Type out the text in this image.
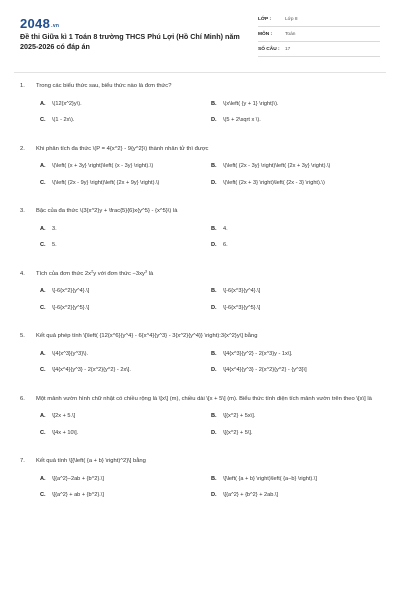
2048.vn
Đề thi Giữa kì 1 Toán 8 trường THCS Phú Lợi (Hồ Chí Minh) năm 2025-2026 có đáp án
LỚP :	Lớp 8
MÔN :	Toán
SỐ CÂU :	17
1.	Trong các biểu thức sau, biểu thức nào là đơn thức?
A.	\(12{x^2}y\).	B.	\(x\left( {y + 1} \right)\).
C.	\(1 - 2x\).	D.	\(5 + 2\sqrt x \).
2.	Khi phân tích đa thức \(P = 4{x^2} - 9{y^2}\) thành nhân tử thì được
A.	\(\left( {x + 3y} \right)\left( {x - 3y} \right).\)	B.	\(\left( {2x - 3y} \right)\left( {2x + 3y} \right).\)
C.	\(\left( {2x - 9y} \right)\left( {2x + 9y} \right).\)	D.	\(\left( {2x + 3} \right)\left( {2x - 3} \right).\)
3.	Bậc của đa thức \(3{x^2}y + \frac{5}{6}x{y^5} - {x^5}\) là
A.	3.	B.	4.
C.	5.	D.	6.
4.	Tích của đơn thức $2x^2y$ với đơn thức $-3xy^3$ là
A.	\[-6{x^2}{y^4}.\]	B.	\[-6{x^3}{y^4}.\]
C.	\[-6{x^2}{y^5}.\]	D.	\[-6{x^3}{y^5}.\]
5.	Kết quả phép tính \[\left( {12{x^6}{y^4} - 6{x^4}{y^3} - 3{x^2}{y^4}} \right):3{x^2}y\] bằng
A.	\(4{x^3}{y^3}\).	B.	\[4{x^3}{y^2} - 2{x^3}y - 1x\].
C.	\[4{x^4}{y^3} - 2{x^2}{y^2} - 2x\].	D.	\[4{x^4}{y^3} - 2{x^2}{y^2} - {y^3}\]
6.	Một mảnh vườn hình chữ nhật có chiều rộng là \[x\] (m), chiều dài \[x + 5\] (m). Biểu thức tính diện tích mảnh vườn trên theo \[x\] là
A.	\[2x + 5.\]	B.	\[{x^2} + 5x\].
C.	\[4x + 10\].	D.	\[{x^2} + 5\].
7.	Kết quả tính \[{\left( {a + b} \right)^2}\] bằng
A.	\[{a^2}−2ab + {b^2}.\]	B.	\[\left( {a + b} \right)\left( {a−b} \right).\]
C.	\[{a^2} + ab + {b^2}.\]	D.	\[{a^2} + {b^2} + 2ab.\]
